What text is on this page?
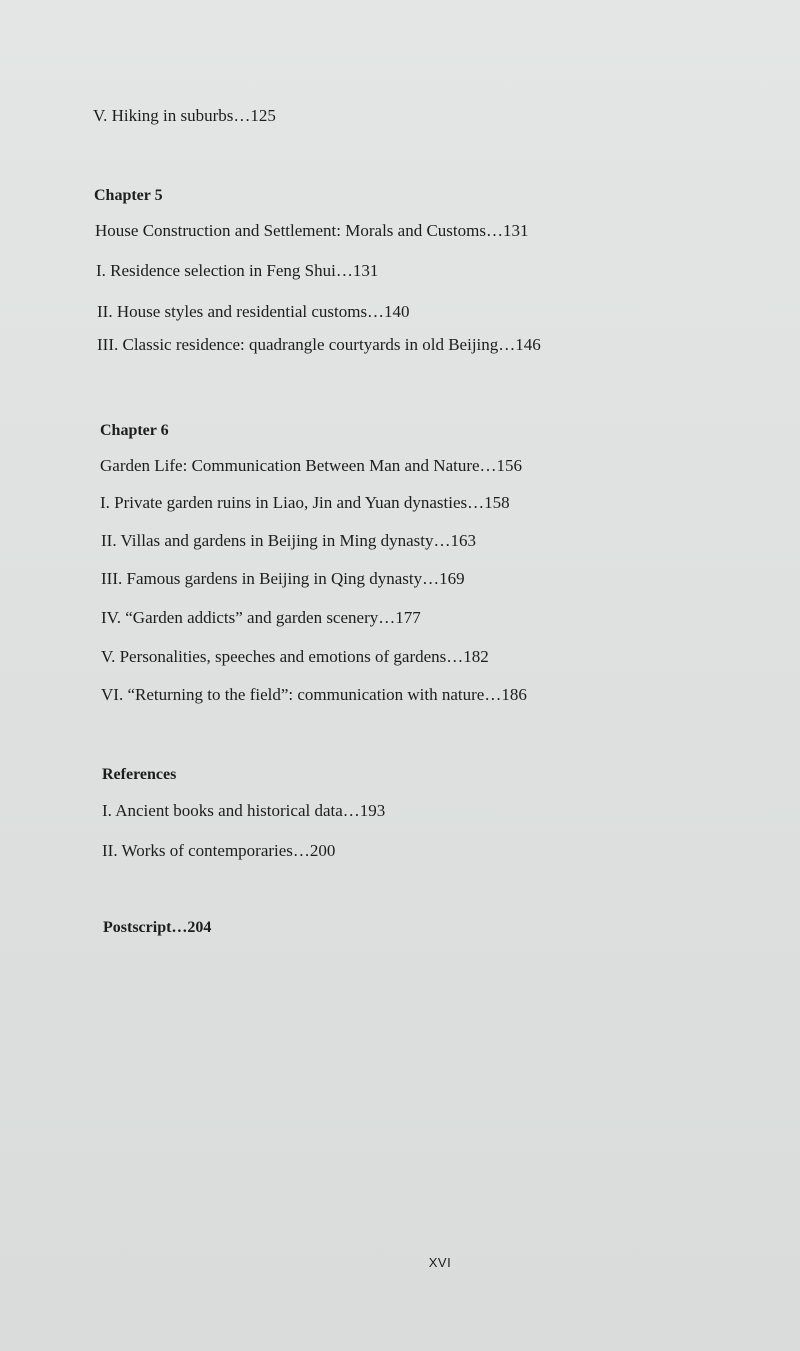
V. Hiking in suburbs…125
Chapter 5
House Construction and Settlement: Morals and Customs…131
I. Residence selection in Feng Shui…131
II. House styles and residential customs…140
III. Classic residence: quadrangle courtyards in old Beijing…146
Chapter 6
Garden Life: Communication Between Man and Nature…156
I. Private garden ruins in Liao, Jin and Yuan dynasties…158
II. Villas and gardens in Beijing in Ming dynasty…163
III. Famous gardens in Beijing in Qing dynasty…169
IV. “Garden addicts” and garden scenery…177
V. Personalities, speeches and emotions of gardens…182
VI. “Returning to the field”: communication with nature…186
References
I. Ancient books and historical data…193
II. Works of contemporaries…200
Postscript…204
XVI
